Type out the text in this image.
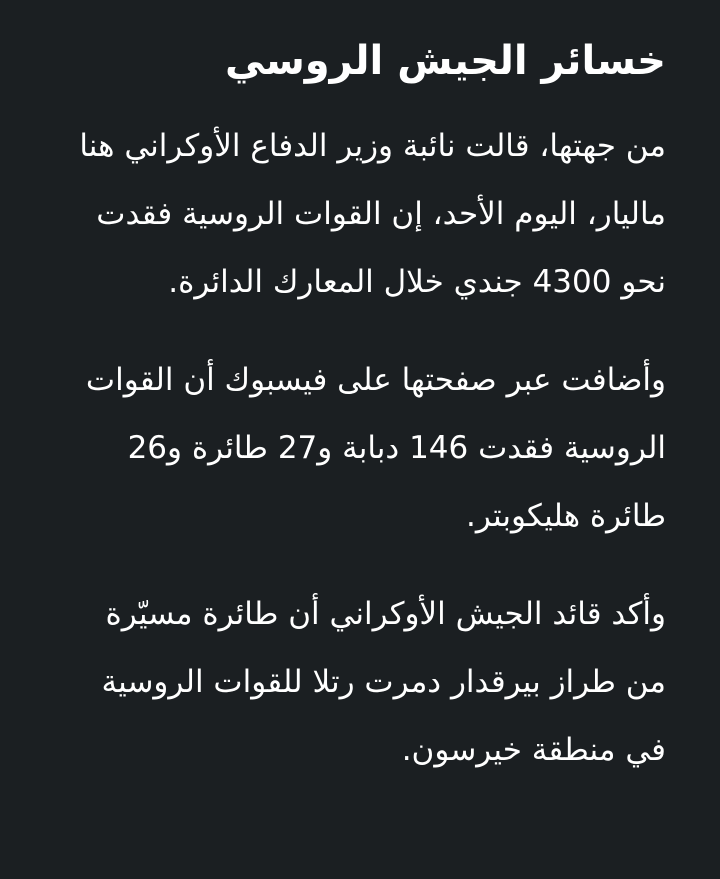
خسائر الجيش الروسي

من جهتها، قالت نائبة وزير الدفاع الأوكراني هنا ماليار، اليوم الأحد، إن القوات الروسية فقدت نحو 4300 جندي خلال المعارك الدائرة.

وأضافت عبر صفحتها على فيسبوك أن القوات الروسية فقدت 146 دبابة و27 طائرة و26 طائرة هليكوبتر.

وأكد قائد الجيش الأوكراني أن طائرة مسيّرة من طراز بيرقدار دمرت رتلا للقوات الروسية في منطقة خيرسون.
